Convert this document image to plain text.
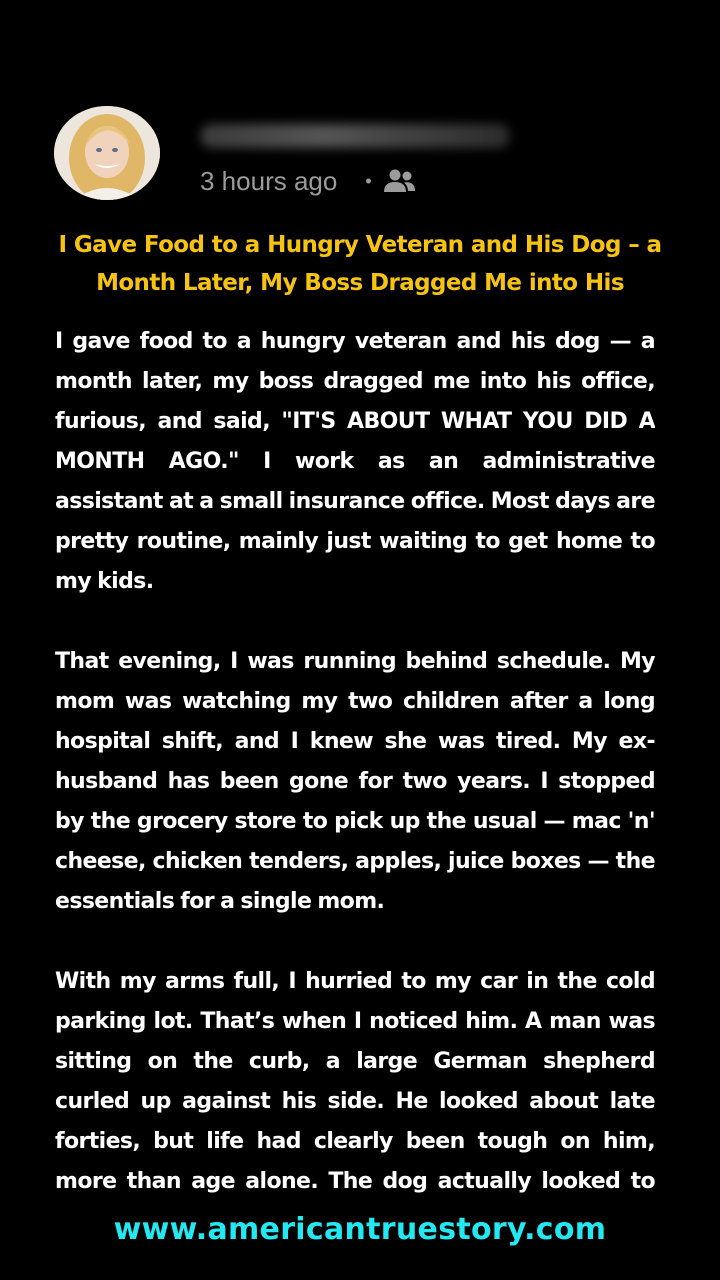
3 hours ago •
I Gave Food to a Hungry Veteran and His Dog – a Month Later, My Boss Dragged Me into His

I gave food to a hungry veteran and his dog — a month later, my boss dragged me into his office, furious, and said, "IT'S ABOUT WHAT YOU DID A MONTH AGO." I work as an administrative assistant at a small insurance office. Most days are pretty routine, mainly just waiting to get home to my kids.

That evening, I was running behind schedule. My mom was watching my two children after a long hospital shift, and I knew she was tired. My ex-husband has been gone for two years. I stopped by the grocery store to pick up the usual — mac 'n' cheese, chicken tenders, apples, juice boxes — the essentials for a single mom.

With my arms full, I hurried to my car in the cold parking lot. That’s when I noticed him. A man was sitting on the curb, a large German shepherd curled up against his side. He looked about late forties, but life had clearly been tough on him, more than age alone. The dog actually looked to

www.americantruestory.com
